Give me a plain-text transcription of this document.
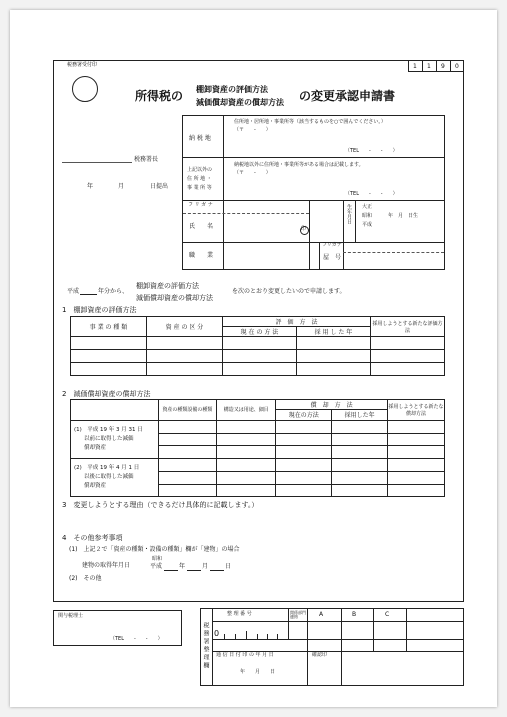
税務署受付印	1 1 9 0
所得税の 棚卸資産の評価方法
減価償却資産の償却方法 の変更承認申請書
税務署長
年	月	日提出
納 税 地
住所地・居所地・事業所等（該当するものを○で囲んでください。）
（〒　　-　　）
（TEL　　-　　-　　）
上記以外の
住 所 地 ・
事 業 所 等
納税地以外に住所地・事業所等がある場合は記載します。
（〒　　-　　）
（TEL　　-　　-　　）
フ リ ガ ナ
氏　　名	印
生年月日 大正
昭和
平成
年　月　日生
職　　業
フリガナ
屋　号
平成	年分から、
棚卸資産の評価方法
減価償却資産の償却方法
を次のとおり変更したいので申請します。
1　棚卸資産の評価方法
事 業 の 種 類	資 産 の 区 分	評　価　方　法		採用しようとする新たな評価方法
		現 在 の 方 法	採 用 し た 年	

2　減価償却資産の償却方法
	資産の種類設備の種類	構造又は用途、細目	償　却　方　法		採用しようとする新たな償却方法
			現在の方法	採用した年	

(1)　平成 19 年 3 月 31 日
以前に取得した減価
償却資産					

(2)　平成 19 年 4 月 1 日
以後に取得した減価
償却資産					

3　変更しようとする理由（できるだけ具体的に記載します。）
4　その他参考事項
(1)　上記２で「資産の種類・設備の種類」欄が「建物」の場合
建物の取得年月日
昭和
平成	年	月	日
(2)　その他
関与税理士
（TEL　　-　　-　　）	税務署整理欄
整 理 番 号	関係部門連絡	A	B	C
0
通 信 日 付 印 の 年 月 日	確認印
年　　月　　日
